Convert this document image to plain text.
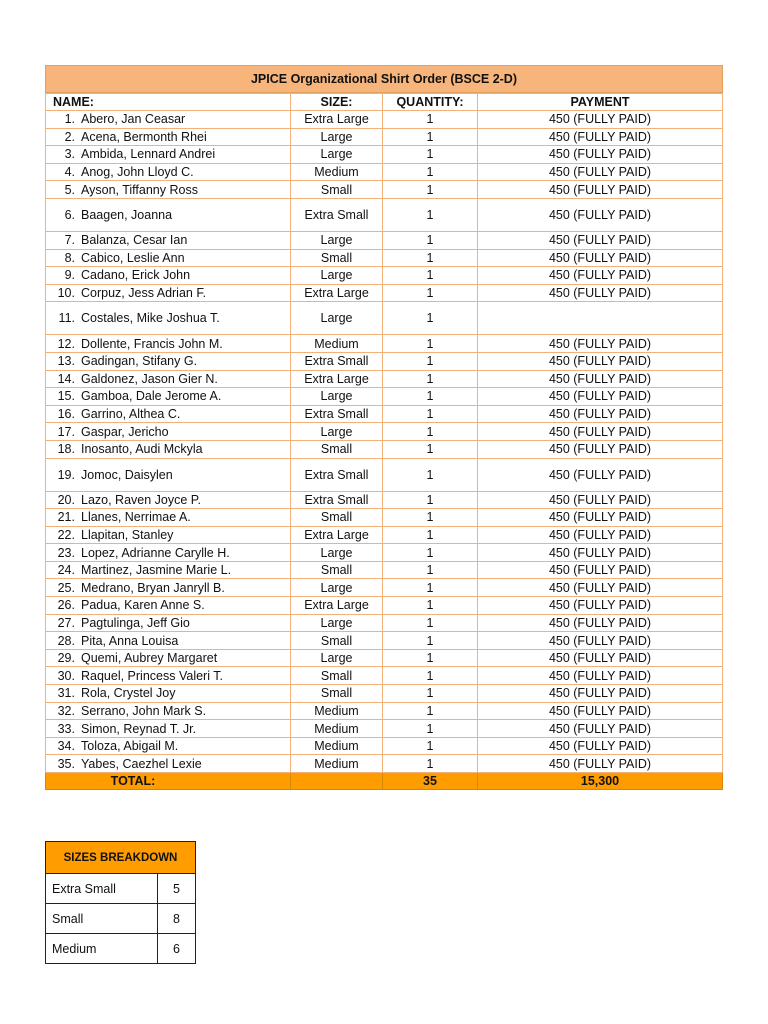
JPICE Organizational Shirt Order (BSCE 2-D)
NAME:	SIZE:	QUANTITY:	PAYMENT
1. Abero, Jan Ceasar	Extra Large	1	450 (FULLY PAID)
2. Acena, Bermonth Rhei	Large	1	450 (FULLY PAID)
3. Ambida, Lennard Andrei	Large	1	450 (FULLY PAID)
4. Anog, John Lloyd C.	Medium	1	450 (FULLY PAID)
5. Ayson, Tiffanny Ross	Small	1	450 (FULLY PAID)
6. Baagen, Joanna	Extra Small	1	450 (FULLY PAID)
7. Balanza, Cesar Ian	Large	1	450 (FULLY PAID)
8. Cabico, Leslie Ann	Small	1	450 (FULLY PAID)
9. Cadano, Erick John	Large	1	450 (FULLY PAID)
10. Corpuz, Jess Adrian F.	Extra Large	1	450 (FULLY PAID)
11. Costales, Mike Joshua T.	Large	1	
12. Dollente, Francis John M.	Medium	1	450 (FULLY PAID)
13. Gadingan, Stifany G.	Extra Small	1	450 (FULLY PAID)
14. Galdonez, Jason Gier N.	Extra Large	1	450 (FULLY PAID)
15. Gamboa, Dale Jerome A.	Large	1	450 (FULLY PAID)
16. Garrino, Althea C.	Extra Small	1	450 (FULLY PAID)
17. Gaspar, Jericho	Large	1	450 (FULLY PAID)
18. Inosanto, Audi Mckyla	Small	1	450 (FULLY PAID)
19. Jomoc, Daisylen	Extra Small	1	450 (FULLY PAID)
20. Lazo, Raven Joyce P.	Extra Small	1	450 (FULLY PAID)
21. Llanes, Nerrimae A.	Small	1	450 (FULLY PAID)
22. Llapitan, Stanley	Extra Large	1	450 (FULLY PAID)
23. Lopez, Adrianne Carylle H.	Large	1	450 (FULLY PAID)
24. Martinez, Jasmine Marie L.	Small	1	450 (FULLY PAID)
25. Medrano, Bryan Janryll B.	Large	1	450 (FULLY PAID)
26. Padua, Karen Anne S.	Extra Large	1	450 (FULLY PAID)
27. Pagtulinga, Jeff Gio	Large	1	450 (FULLY PAID)
28. Pita, Anna Louisa	Small	1	450 (FULLY PAID)
29. Quemi, Aubrey Margaret	Large	1	450 (FULLY PAID)
30. Raquel, Princess Valeri T.	Small	1	450 (FULLY PAID)
31. Rola, Crystel Joy	Small	1	450 (FULLY PAID)
32. Serrano, John Mark S.	Medium	1	450 (FULLY PAID)
33. Simon, Reynad T. Jr.	Medium	1	450 (FULLY PAID)
34. Toloza, Abigail M.	Medium	1	450 (FULLY PAID)
35. Yabes, Caezhel Lexie	Medium	1	450 (FULLY PAID)
TOTAL:		35	15,300
SIZES BREAKDOWN	
Extra Small	5
Small	8
Medium	6
